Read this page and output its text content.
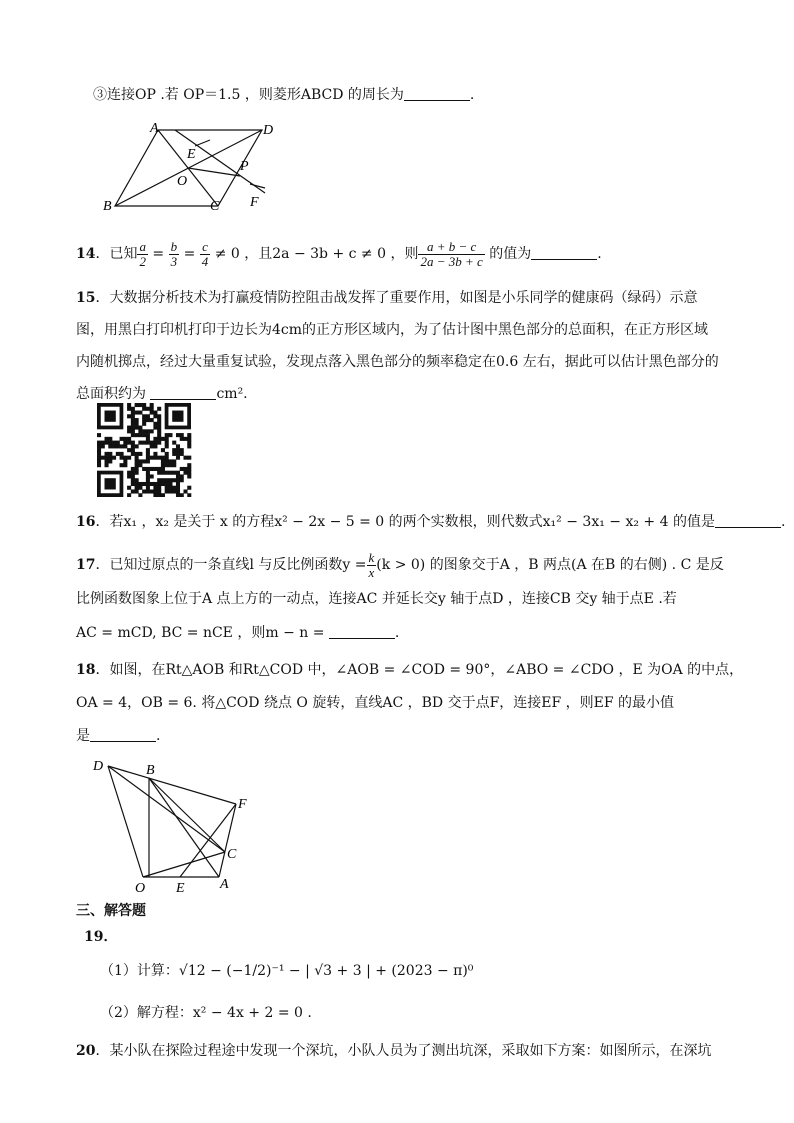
③连接OP .若 OP＝1.5 ，则菱形ABCD 的周长为	.
A	D
E
P
O
B	C F
14．已知 $\frac{a}{2} = \frac{b}{3} = \frac{c}{4} \ne 0$ ，且2a − 3b + c ≠ 0 ，则 $\frac{a + b - c}{2a - 3b + c}$ 的值为	.
15．大数据分析技术为打赢疫情防控阻击战发挥了重要作用，如图是小乐同学的健康码（绿码）示意
图，用黑白打印机打印于边长为4cm的正方形区域内，为了估计图中黑色部分的总面积，在正方形区域
内随机掷点，经过大量重复试验，发现点落入黑色部分的频率稳定在0.6 左右，据此可以估计黑色部分的
总面积约为	cm².
16．若x₁ ，x₂ 是关于 x 的方程x² − 2x − 5 = 0 的两个实数根，则代数式x₁² − 3x₁ − x₂ + 4 的值是	.
17．已知过原点的一条直线l 与反比例函数$y = \frac{k}{x} (k > 0)$ 的图象交于A ，B 两点(A 在B 的右侧) . C 是反
比例函数图象上位于A 点上方的一动点，连接AC 并延长交y 轴于点D ，连接CB 交y 轴于点E .若
AC = mCD, BC = nCE ，则m − n =	.
18．如图，在Rt△AOB 和Rt△COD 中，∠AOB = ∠COD = 90°，∠ABO = ∠CDO ，E 为OA 的中点，
OA = 4，OB = 6. 将△COD 绕点 O 旋转，直线AC ，BD 交于点F，连接EF ，则EF 的最小值
是	.
D	B
F
C
O E	A
三、解答题
19．
（1）计算：√12 − (−1/2)⁻¹ − | √3 + 3 | + (2023 − π)⁰
（2）解方程：x² − 4x + 2 = 0 .
20．某小队在探险过程途中发现一个深坑，小队人员为了测出坑深，采取如下方案：如图所示，在深坑
